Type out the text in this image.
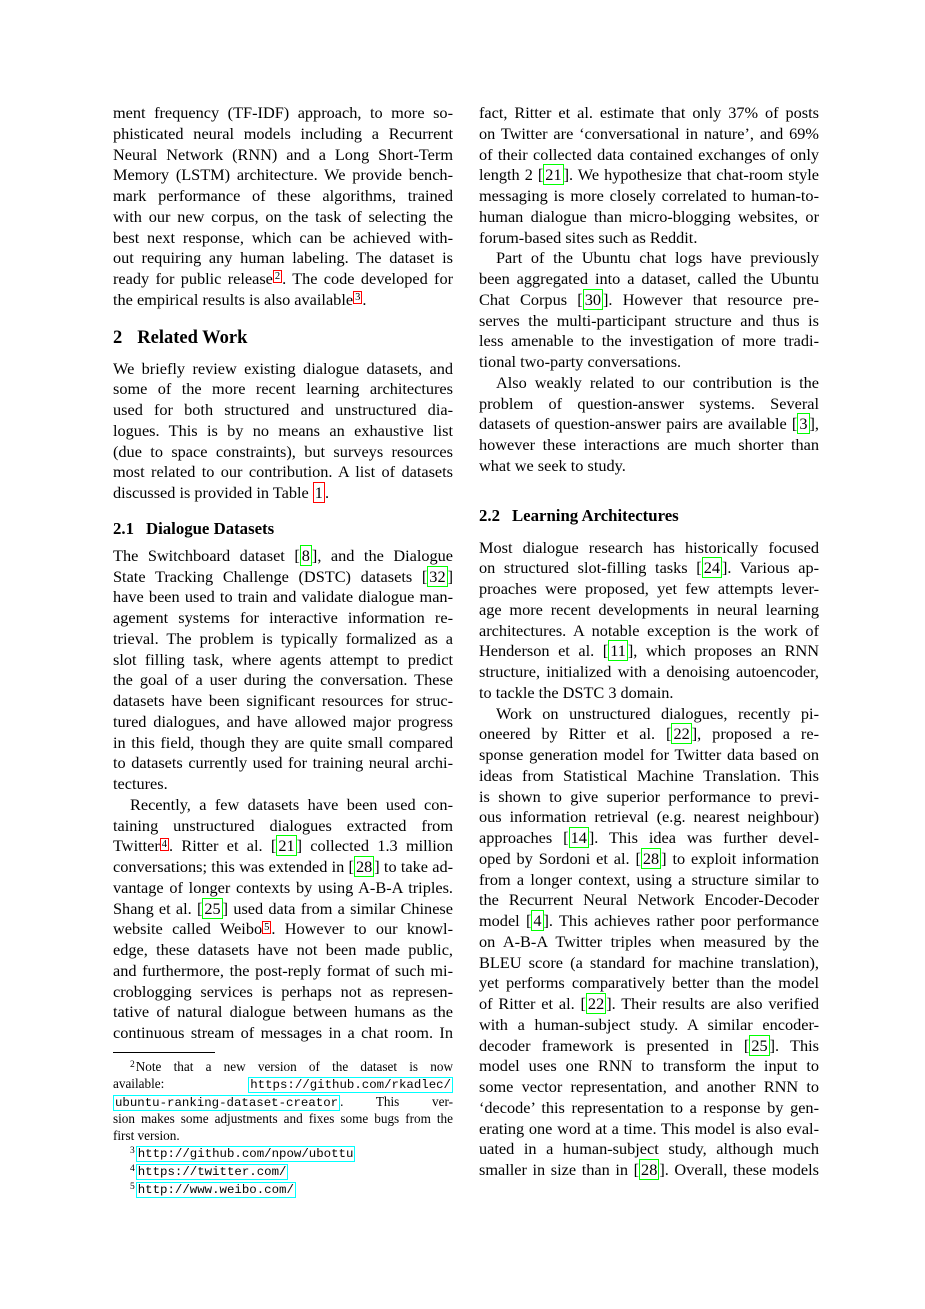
ment frequency (TF-IDF) approach, to more so-
phisticated neural models including a Recurrent
Neural Network (RNN) and a Long Short-Term
Memory (LSTM) architecture. We provide bench-
mark performance of these algorithms, trained
with our new corpus, on the task of selecting the
best next response, which can be achieved with-
out requiring any human labeling. The dataset is
ready for public release $^2$ . The code developed for
the empirical results is also available $^3$ .
2 Related Work
We briefly review existing dialogue datasets, and
some of the more recent learning architectures
used for both structured and unstructured dia-
logues. This is by no means an exhaustive list
(due to space constraints), but surveys resources
most related to our contribution. A list of datasets
discussed is provided in Table 1 .
2.1 Dialogue Datasets
The Switchboard dataset [ 8 ], and the Dialogue
State Tracking Challenge (DSTC) datasets [ 32 ]
have been used to train and validate dialogue man-
agement systems for interactive information re-
trieval. The problem is typically formalized as a
slot filling task, where agents attempt to predict
the goal of a user during the conversation. These
datasets have been significant resources for struc-
tured dialogues, and have allowed major progress
in this field, though they are quite small compared
to datasets currently used for training neural archi-
tectures.
Recently, a few datasets have been used con-
taining unstructured dialogues extracted from
Twitter $^4$ . Ritter et al. [ 21 ] collected 1.3 million
conversations; this was extended in [ 28 ] to take ad-
vantage of longer contexts by using A-B-A triples.
Shang et al. [ 25 ] used data from a similar Chinese
website called Weibo $^5$ . However to our knowl-
edge, these datasets have not been made public,
and furthermore, the post-reply format of such mi-
croblogging services is perhaps not as represen-
tative of natural dialogue between humans as the
continuous stream of messages in a chat room. In
$^2$Note that a new version of the dataset is now
available: https://github.com/rkadlec/
ubuntu-ranking-dataset-creator . This ver-
sion makes some adjustments and fixes some bugs from the
first version.
$^3$ http://github.com/npow/ubottu
$^4$ https://twitter.com/
$^5$ http://www.weibo.com/
fact, Ritter et al. estimate that only 37% of posts
on Twitter are ‘conversational in nature’, and 69%
of their collected data contained exchanges of only
length 2 [ 21 ]. We hypothesize that chat-room style
messaging is more closely correlated to human-to-
human dialogue than micro-blogging websites, or
forum-based sites such as Reddit.
Part of the Ubuntu chat logs have previously
been aggregated into a dataset, called the Ubuntu
Chat Corpus [ 30 ]. However that resource pre-
serves the multi-participant structure and thus is
less amenable to the investigation of more tradi-
tional two-party conversations.
Also weakly related to our contribution is the
problem of question-answer systems. Several
datasets of question-answer pairs are available [ 3 ],
however these interactions are much shorter than
what we seek to study.
2.2 Learning Architectures
Most dialogue research has historically focused
on structured slot-filling tasks [ 24 ]. Various ap-
proaches were proposed, yet few attempts lever-
age more recent developments in neural learning
architectures. A notable exception is the work of
Henderson et al. [ 11 ], which proposes an RNN
structure, initialized with a denoising autoencoder,
to tackle the DSTC 3 domain.
Work on unstructured dialogues, recently pi-
oneered by Ritter et al. [ 22 ], proposed a re-
sponse generation model for Twitter data based on
ideas from Statistical Machine Translation. This
is shown to give superior performance to previ-
ous information retrieval (e.g. nearest neighbour)
approaches [ 14 ]. This idea was further devel-
oped by Sordoni et al. [ 28 ] to exploit information
from a longer context, using a structure similar to
the Recurrent Neural Network Encoder-Decoder
model [ 4 ]. This achieves rather poor performance
on A-B-A Twitter triples when measured by the
BLEU score (a standard for machine translation),
yet performs comparatively better than the model
of Ritter et al. [ 22 ]. Their results are also verified
with a human-subject study. A similar encoder-
decoder framework is presented in [ 25 ]. This
model uses one RNN to transform the input to
some vector representation, and another RNN to
‘decode’ this representation to a response by gen-
erating one word at a time. This model is also eval-
uated in a human-subject study, although much
smaller in size than in [ 28 ]. Overall, these models
